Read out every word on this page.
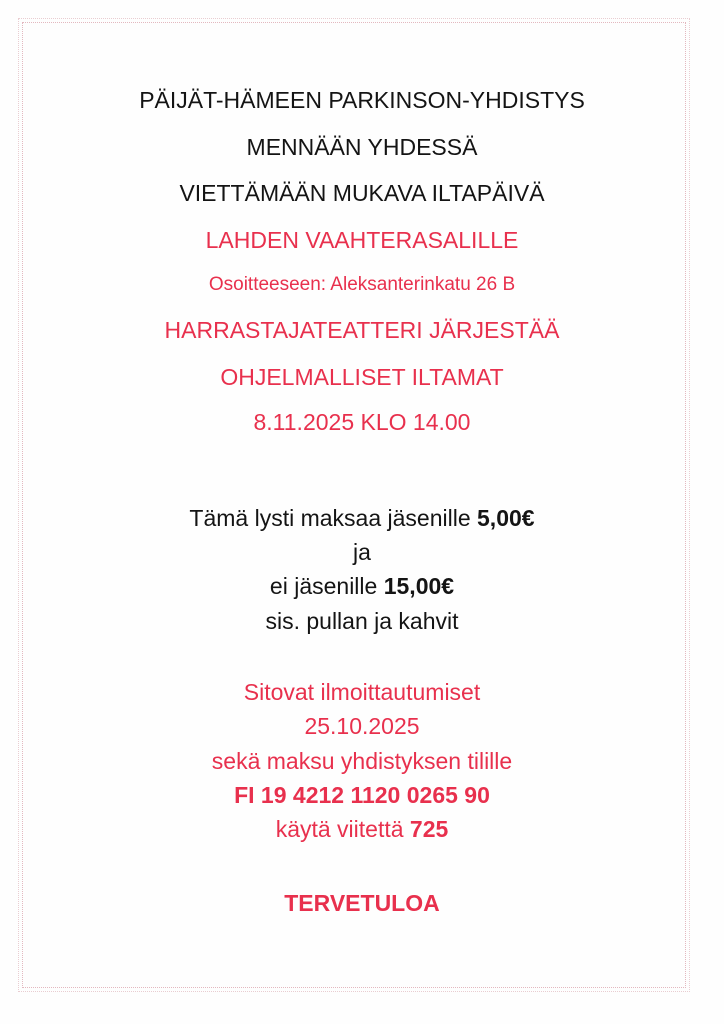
PÄIJÄT-HÄMEEN PARKINSON-YHDISTYS
MENNÄÄN YHDESSÄ
VIETTÄMÄÄN MUKAVA ILTAPÄIVÄ
LAHDEN VAAHTERASALILLE
Osoitteeseen: Aleksanterinkatu 26 B
HARRASTAJATEATTERI JÄRJESTÄÄ
OHJELMALLISET ILTAMAT
8.11.2025 KLO 14.00
Tämä lysti maksaa jäsenille 5,00€
ja
ei jäsenille 15,00€
sis. pullan ja kahvit
Sitovat ilmoittautumiset
25.10.2025
sekä maksu yhdistyksen tilille
FI 19 4212 1120 0265 90
käytä viitettä 725
TERVETULOA
